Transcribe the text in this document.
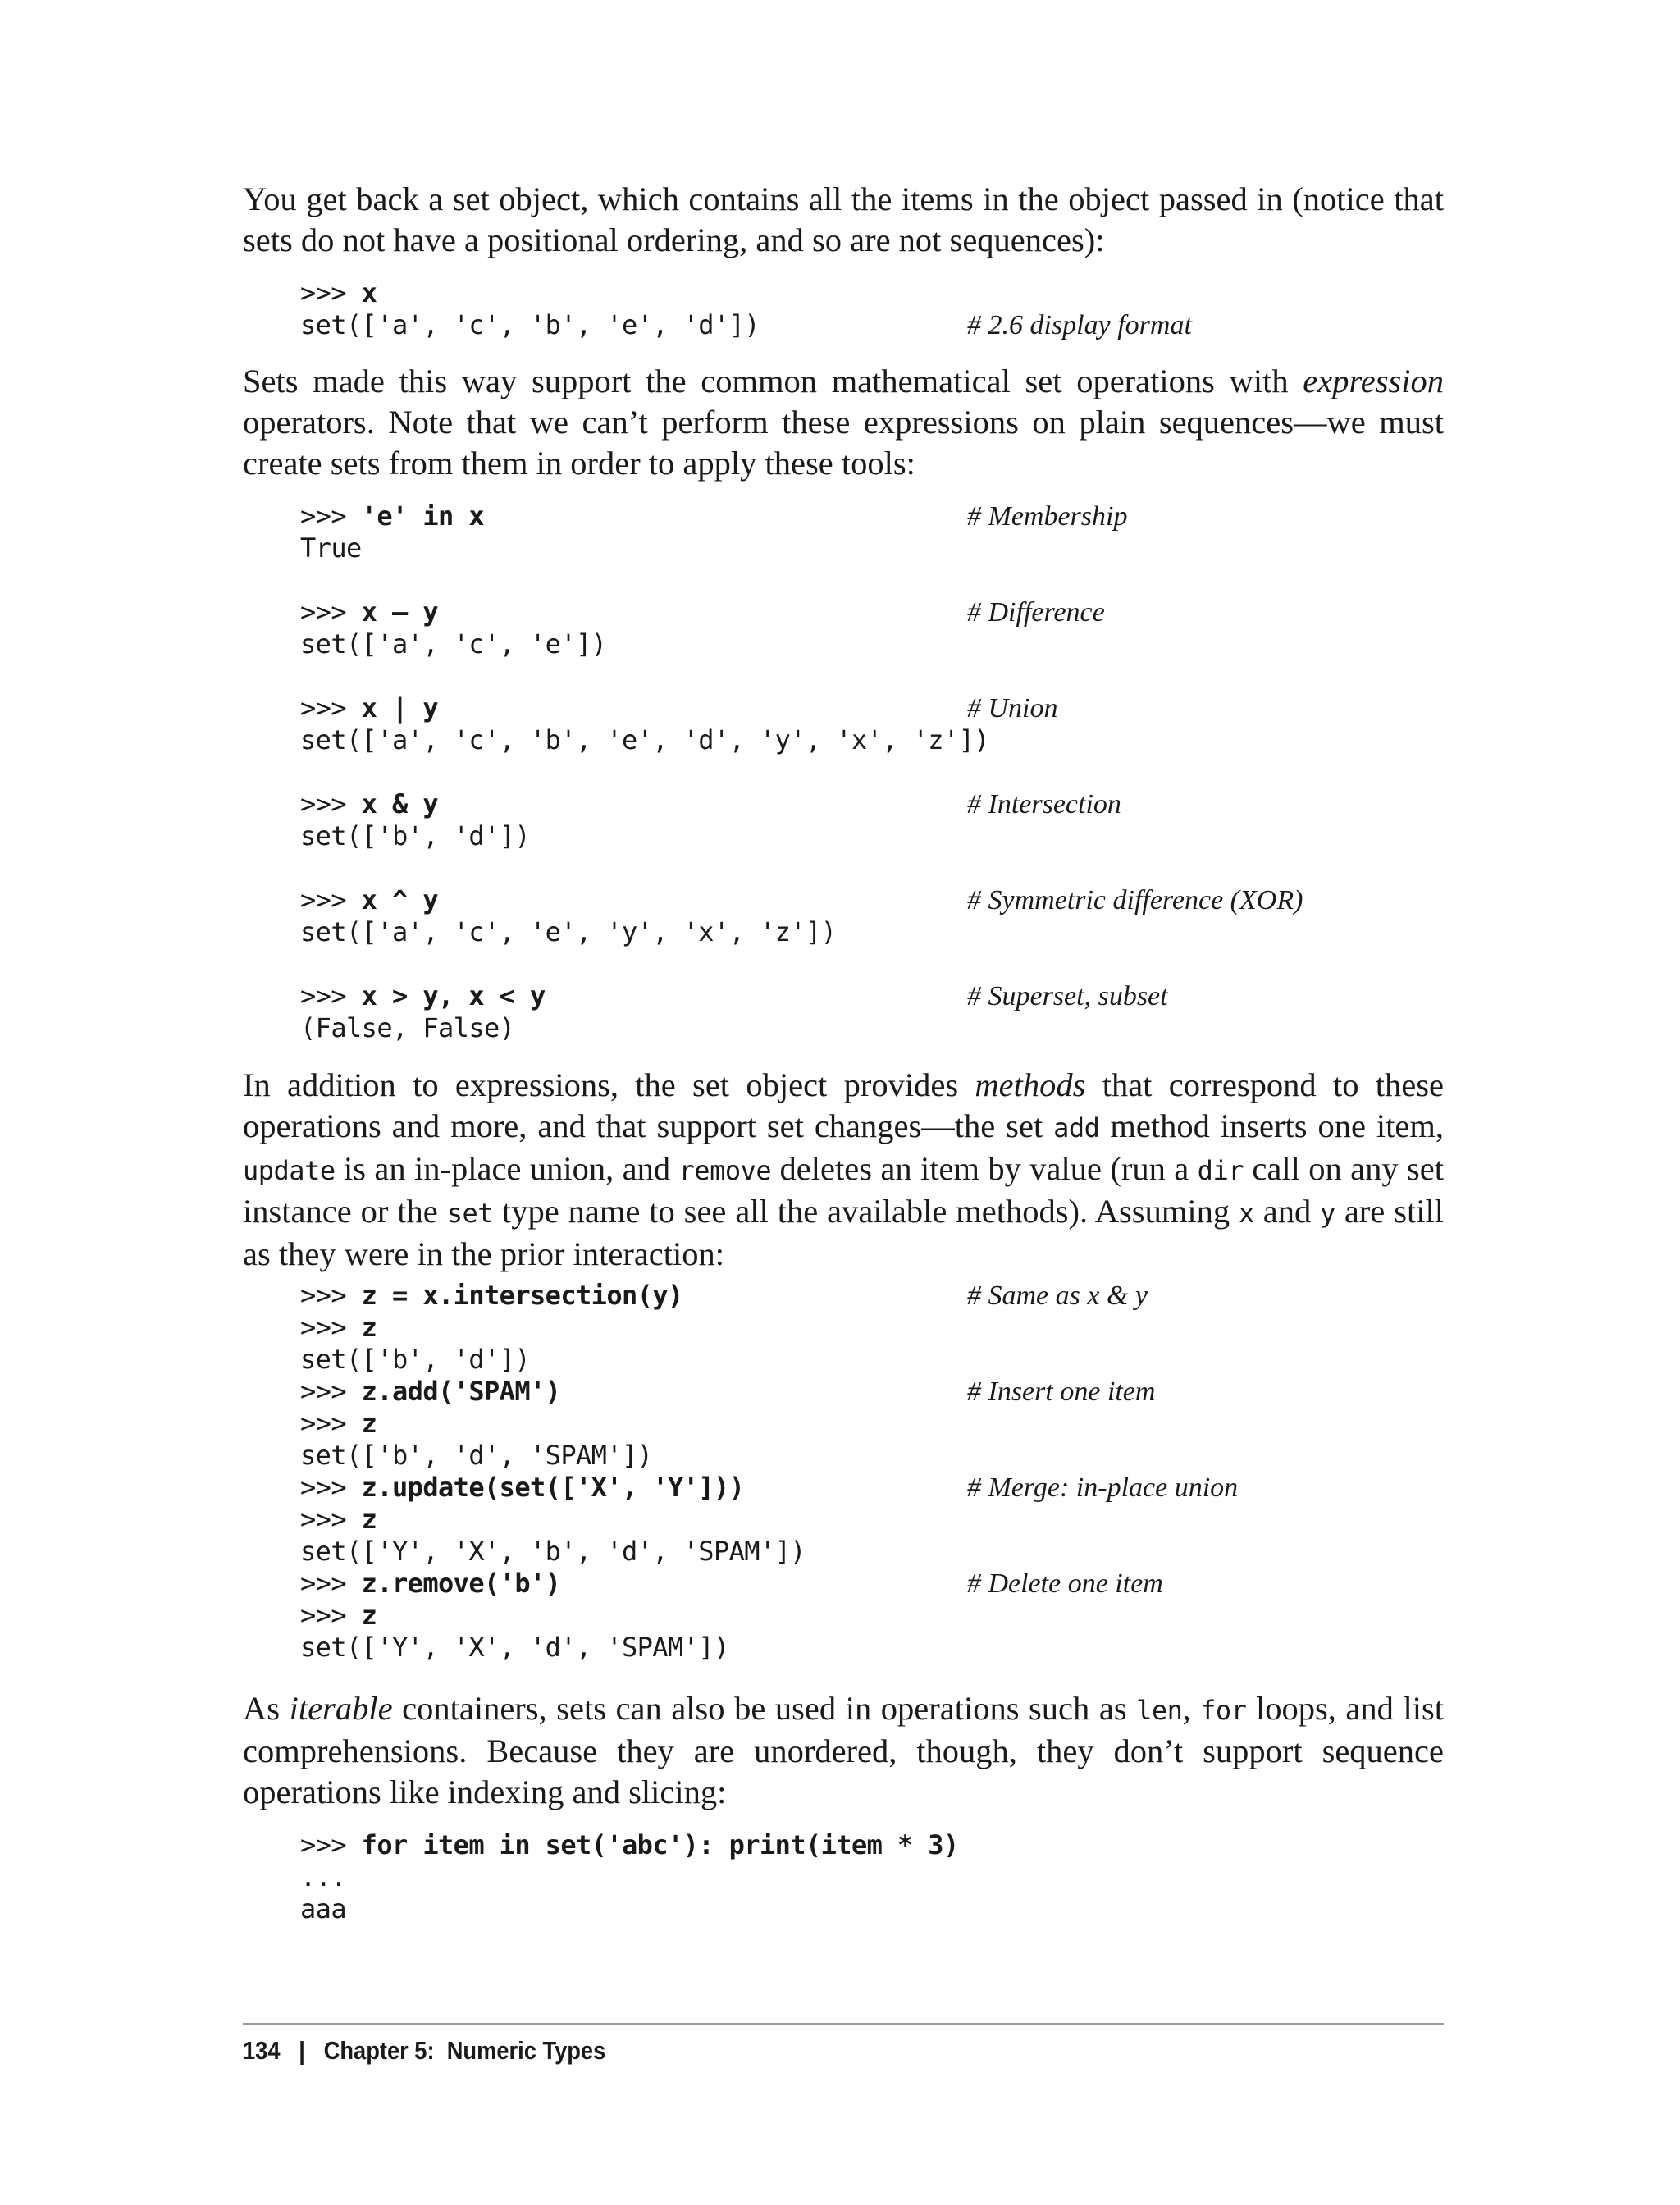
You get back a set object, which contains all the items in the object passed in (notice that sets do not have a positional ordering, and so are not sequences):

>>> x
set(['a', 'c', 'b', 'e', 'd'])	# 2.6 display format

Sets made this way support the common mathematical set operations with expression operators. Note that we can’t perform these expressions on plain sequences—we must create sets from them in order to apply these tools:

>>> 'e' in x	# Membership
True
>>> x – y	# Difference
set(['a', 'c', 'e'])
>>> x | y	# Union
set(['a', 'c', 'b', 'e', 'd', 'y', 'x', 'z'])
>>> x & y	# Intersection
set(['b', 'd'])
>>> x ^ y	# Symmetric difference (XOR)
set(['a', 'c', 'e', 'y', 'x', 'z'])
>>> x > y, x < y	# Superset, subset
(False, False)

In addition to expressions, the set object provides methods that correspond to these operations and more, and that support set changes—the set add method inserts one item, update is an in-place union, and remove deletes an item by value (run a dir call on any set instance or the set type name to see all the available methods). Assuming x and y are still as they were in the prior interaction:

>>> z = x.intersection(y)	# Same as x & y
>>> z
set(['b', 'd'])
>>> z.add('SPAM')	# Insert one item
>>> z
set(['b', 'd', 'SPAM'])
>>> z.update(set(['X', 'Y']))	# Merge: in-place union
>>> z
set(['Y', 'X', 'b', 'd', 'SPAM'])
>>> z.remove('b')	# Delete one item
>>> z
set(['Y', 'X', 'd', 'SPAM'])

As iterable containers, sets can also be used in operations such as len, for loops, and list comprehensions. Because they are unordered, though, they don’t support sequence operations like indexing and slicing:

>>> for item in set('abc'): print(item * 3)
...
aaa
134 | Chapter 5:  Numeric Types
